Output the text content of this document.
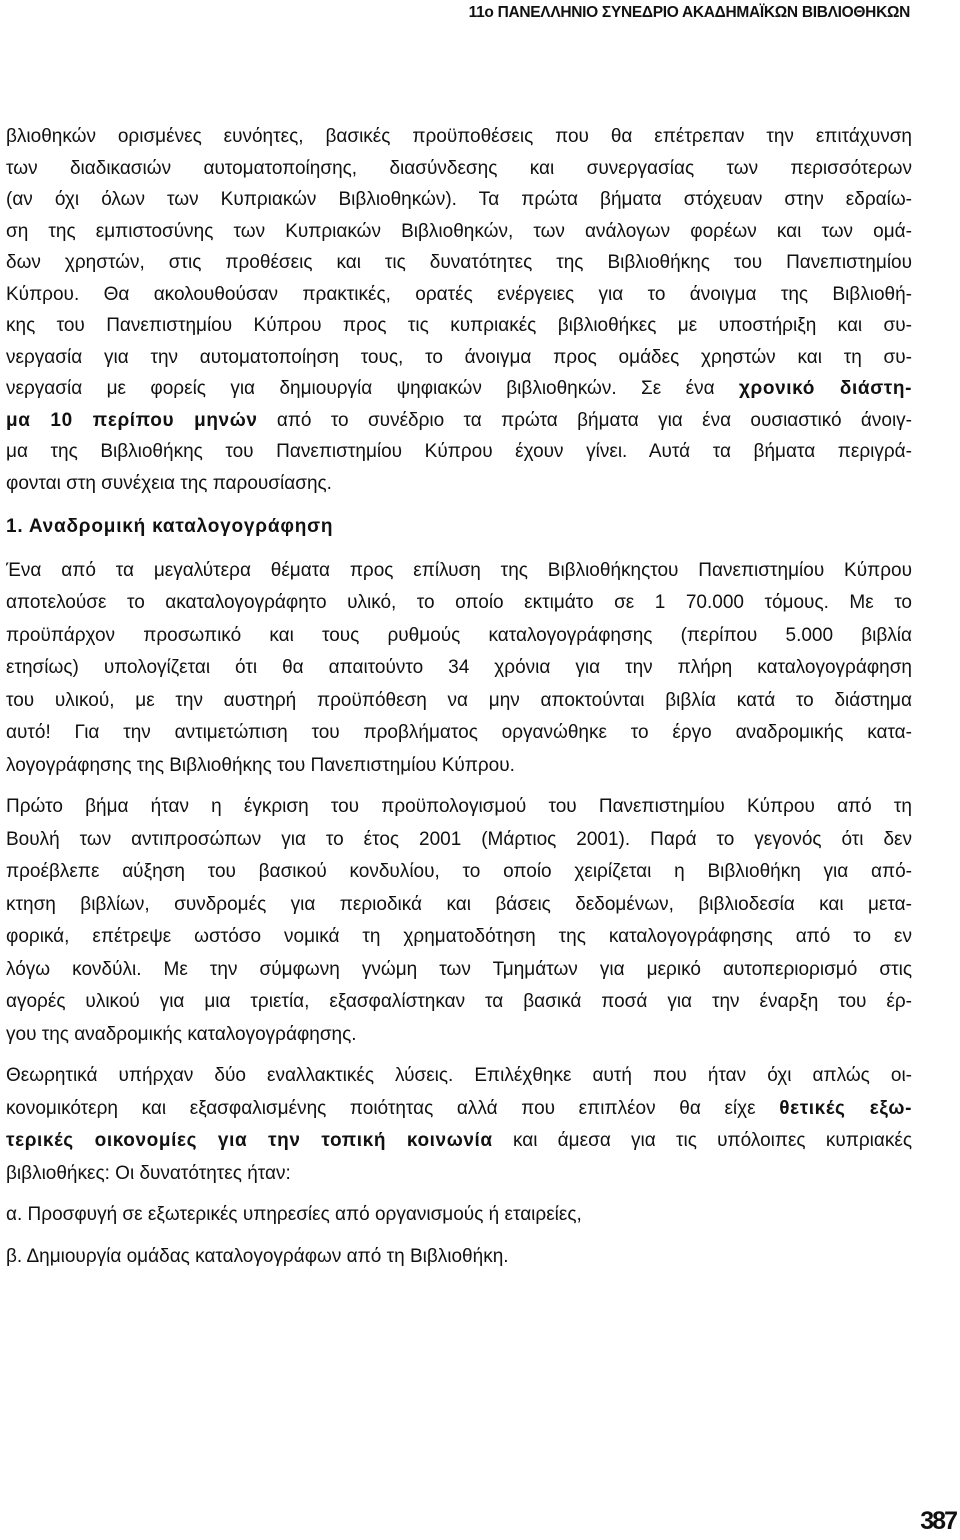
11ο ΠΑΝΕΛΛΗΝΙΟ ΣΥΝΕΔΡΙΟ ΑΚΑΔΗΜΑΪΚΩΝ ΒΙΒΛΙΟΘΗΚΩΝ
βλιοθηκών ορισμένες ευνόητες, βασικές προϋποθέσεις που θα επέτρεπαν την επιτάχυνση
των διαδικασιών αυτοματοποίησης, διασύνδεσης και συνεργασίας των περισσότερων
(αν όχι όλων των Κυπριακών Βιβλιοθηκών). Τα πρώτα βήματα στόχευαν στην εδραίω-
ση της εμπιστοσύνης των Κυπριακών Βιβλιοθηκών, των ανάλογων φορέων και των ομά-
δων χρηστών, στις προθέσεις και τις δυνατότητες της Βιβλιοθήκης του Πανεπιστημίου
Κύπρου. Θα ακολουθούσαν πρακτικές, ορατές ενέργειες για το άνοιγμα της Βιβλιοθή-
κης του Πανεπιστημίου Κύπρου προς τις κυπριακές βιβλιοθήκες με υποστήριξη και συ-
νεργασία για την αυτοματοποίηση τους, το άνοιγμα προς ομάδες χρηστών και τη συ-
νεργασία με φορείς για δημιουργία ψηφιακών βιβλιοθηκών. Σε ένα χρονικό διάστη-
μα 10 περίπου μηνών από το συνέδριο τα πρώτα βήματα για ένα ουσιαστικό άνοιγ-
μα της Βιβλιοθήκης του Πανεπιστημίου Κύπρου έχουν γίνει. Αυτά τα βήματα περιγρά-
φονται στη συνέχεια της παρουσίασης.
1. Αναδρομική καταλογογράφηση
Ένα από τα μεγαλύτερα θέματα προς επίλυση της Βιβλιοθήκηςτου Πανεπιστημίου Κύπρου
αποτελούσε το ακαταλογογράφητο υλικό, το οποίο εκτιμάτο σε 1 70.000 τόμους. Με το
προϋπάρχον προσωπικό και τους ρυθμούς καταλογογράφησης (περίπου 5.000 βιβλία
ετησίως) υπολογίζεται ότι θα απαιτούντο 34 χρόνια για την πλήρη καταλογογράφηση
του υλικού, με την αυστηρή προϋπόθεση να μην αποκτούνται βιβλία κατά το διάστημα
αυτό! Για την αντιμετώπιση του προβλήματος οργανώθηκε το έργο αναδρομικής κατα-
λογογράφησης της Βιβλιοθήκης του Πανεπιστημίου Κύπρου.
Πρώτο βήμα ήταν η έγκριση του προϋπολογισμού του Πανεπιστημίου Κύπρου από τη
Βουλή των αντιπροσώπων για το έτος 2001 (Μάρτιος 2001). Παρά το γεγονός ότι δεν
προέβλεπε αύξηση του βασικού κονδυλίου, το οποίο χειρίζεται η Βιβλιοθήκη για από-
κτηση βιβλίων, συνδρομές για περιοδικά και βάσεις δεδομένων, βιβλιοδεσία και μετα-
φορικά, επέτρεψε ωστόσο νομικά τη χρηματοδότηση της καταλογογράφησης από το εν
λόγω κονδύλι. Με την σύμφωνη γνώμη των Τμημάτων για μερικό αυτοπεριορισμό στις
αγορές υλικού για μια τριετία, εξασφαλίστηκαν τα βασικά ποσά για την έναρξη του έρ-
γου της αναδρομικής καταλογογράφησης.
Θεωρητικά υπήρχαν δύο εναλλακτικές λύσεις. Επιλέχθηκε αυτή που ήταν όχι απλώς οι-
κονομικότερη και εξασφαλισμένης ποιότητας αλλά που επιπλέον θα είχε θετικές εξω-
τερικές οικονομίες για την τοπική κοινωνία και άμεσα για τις υπόλοιπες κυπριακές
βιβλιοθήκες: Οι δυνατότητες ήταν:
α. Προσφυγή σε εξωτερικές υπηρεσίες από οργανισμούς ή εταιρείες,
β. Δημιουργία ομάδας καταλογογράφων από τη Βιβλιοθήκη.
387
